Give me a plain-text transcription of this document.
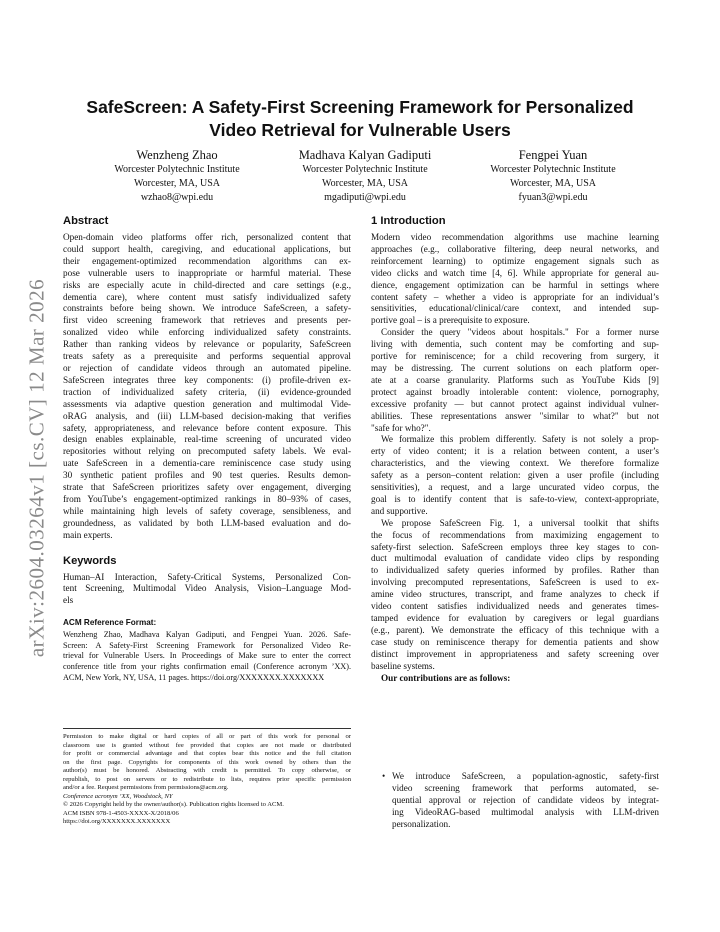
arXiv:2604.03264v1 [cs.CV] 12 Mar 2026
SafeScreen: A Safety-First Screening Framework for Personalized
Video Retrieval for Vulnerable Users
Wenzheng Zhao
Worcester Polytechnic Institute
Worcester, MA, USA
wzhao8@wpi.edu
Madhava Kalyan Gadiputi
Worcester Polytechnic Institute
Worcester, MA, USA
mgadiputi@wpi.edu
Fengpei Yuan
Worcester Polytechnic Institute
Worcester, MA, USA
fyuan3@wpi.edu
Abstract
Open-domain video platforms offer rich, personalized content that
could support health, caregiving, and educational applications, but
their engagement-optimized recommendation algorithms can ex-
pose vulnerable users to inappropriate or harmful material. These
risks are especially acute in child-directed and care settings (e.g.,
dementia care), where content must satisfy individualized safety
constraints before being shown. We introduce SafeScreen, a safety-
first video screening framework that retrieves and presents per-
sonalized video while enforcing individualized safety constraints.
Rather than ranking videos by relevance or popularity, SafeScreen
treats safety as a prerequisite and performs sequential approval
or rejection of candidate videos through an automated pipeline.
SafeScreen integrates three key components: (i) profile-driven ex-
traction of individualized safety criteria, (ii) evidence-grounded
assessments via adaptive question generation and multimodal Vide-
oRAG analysis, and (iii) LLM-based decision-making that verifies
safety, appropriateness, and relevance before content exposure. This
design enables explainable, real-time screening of uncurated video
repositories without relying on precomputed safety labels. We eval-
uate SafeScreen in a dementia-care reminiscence case study using
30 synthetic patient profiles and 90 test queries. Results demon-
strate that SafeScreen prioritizes safety over engagement, diverging
from YouTube’s engagement-optimized rankings in 80–93% of cases,
while maintaining high levels of safety coverage, sensibleness, and
groundedness, as validated by both LLM-based evaluation and do-
main experts.
Keywords
Human–AI Interaction, Safety-Critical Systems, Personalized Con-
tent Screening, Multimodal Video Analysis, Vision–Language Mod-
els
ACM Reference Format:
Wenzheng Zhao, Madhava Kalyan Gadiputi, and Fengpei Yuan. 2026. Safe-
Screen: A Safety-First Screening Framework for Personalized Video Re-
trieval for Vulnerable Users. In Proceedings of Make sure to enter the correct
conference title from your rights confirmation email (Conference acronym ’XX).
ACM, New York, NY, USA, 11 pages. https://doi.org/XXXXXXX.XXXXXXX
Permission to make digital or hard copies of all or part of this work for personal or
classroom use is granted without fee provided that copies are not made or distributed
for profit or commercial advantage and that copies bear this notice and the full citation
on the first page. Copyrights for components of this work owned by others than the
author(s) must be honored. Abstracting with credit is permitted. To copy otherwise, or
republish, to post on servers or to redistribute to lists, requires prior specific permission
and/or a fee. Request permissions from permissions@acm.org.
Conference acronym ’XX, Woodstock, NY
© 2026 Copyright held by the owner/author(s). Publication rights licensed to ACM.
ACM ISBN 978-1-4503-XXXX-X/2018/06
https://doi.org/XXXXXXX.XXXXXXX
1 Introduction
Modern video recommendation algorithms use machine learning
approaches (e.g., collaborative filtering, deep neural networks, and
reinforcement learning) to optimize engagement signals such as
video clicks and watch time [4, 6]. While appropriate for general au-
dience, engagement optimization can be harmful in settings where
content safety – whether a video is appropriate for an individual’s
sensitivities, educational/clinical/care context, and intended sup-
portive goal – is a prerequisite to exposure.
Consider the query "videos about hospitals." For a former nurse
living with dementia, such content may be comforting and sup-
portive for reminiscence; for a child recovering from surgery, it
may be distressing. The current solutions on each platform oper-
ate at a coarse granularity. Platforms such as YouTube Kids [9]
protect against broadly intolerable content: violence, pornography,
excessive profanity — but cannot protect against individual vulner-
abilities. These representations answer "similar to what?" but not
"safe for who?".
We formalize this problem differently. Safety is not solely a prop-
erty of video content; it is a relation between content, a user’s
characteristics, and the viewing context. We therefore formalize
safety as a person–content relation: given a user profile (including
sensitivities), a request, and a large uncurated video corpus, the
goal is to identify content that is safe-to-view, context-appropriate,
and supportive.
We propose SafeScreen Fig. 1, a universal toolkit that shifts
the focus of recommendations from maximizing engagement to
safety-first selection. SafeScreen employs three key stages to con-
duct multimodal evaluation of candidate video clips by responding
to individualized safety queries informed by profiles. Rather than
involving precomputed representations, SafeScreen is used to ex-
amine video structures, transcript, and frame analyzes to check if
video content satisfies individualized needs and generates times-
tamped evidence for evaluation by caregivers or legal guardians
(e.g., parent). We demonstrate the efficacy of this technique with a
case study on reminiscence therapy for dementia patients and show
distinct improvement in appropriateness and safety screening over
baseline systems.
Our contributions are as follows:
• We introduce SafeScreen, a population-agnostic, safety-first
video screening framework that performs automated, se-
quential approval or rejection of candidate videos by integrat-
ing VideoRAG-based multimodal analysis with LLM-driven
personalization.
